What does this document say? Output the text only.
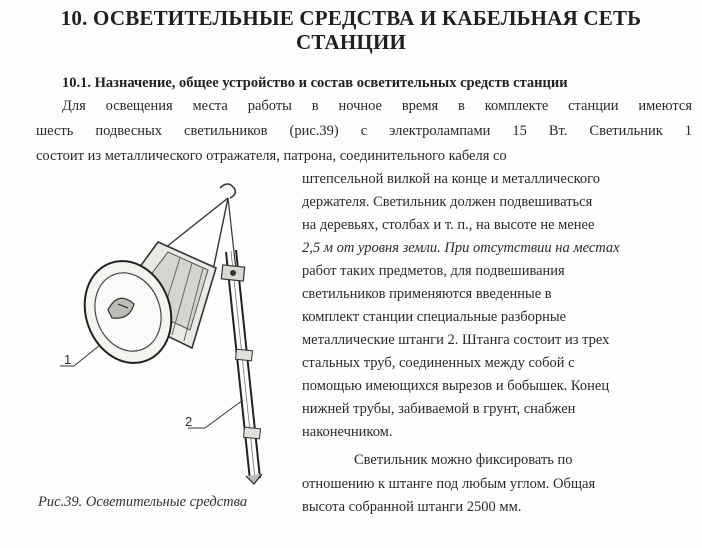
10. ОСВЕТИТЕЛЬНЫЕ СРЕДСТВА И КАБЕЛЬНАЯ СЕТЬ
СТАНЦИИ
10.1. Назначение, общее устройство и состав осветительных средств станции

Для освещения места работы в ночное время в комплекте станции имеются

шесть подвесных светильников (рис.39) с электролампами 15 Вт. Светильник 1

состоит из металлического отражателя, патрона, соединительного кабеля со

штепсельной вилкой на конце и металлического

держателя. Светильник должен подвешиваться

на деревьях, столбах и т. п., на высоте не менее

2,5 м от уровня земли. При отсутствии на местах

работ таких предметов, для подвешивания

светильников применяются введенные в

комплект станции специальные разборные

металлические штанги 2. Штанга состоит из трех

стальных труб, соединенных между собой с

помощью имеющихся вырезов и бобышек. Конец

нижней трубы, забиваемой в грунт, снабжен

наконечником.

Светильник можно фиксировать по

отношению к штанге под любым углом. Общая

высота собранной штанги 2500 мм.

1
2

Рис.39. Осветительные средства
